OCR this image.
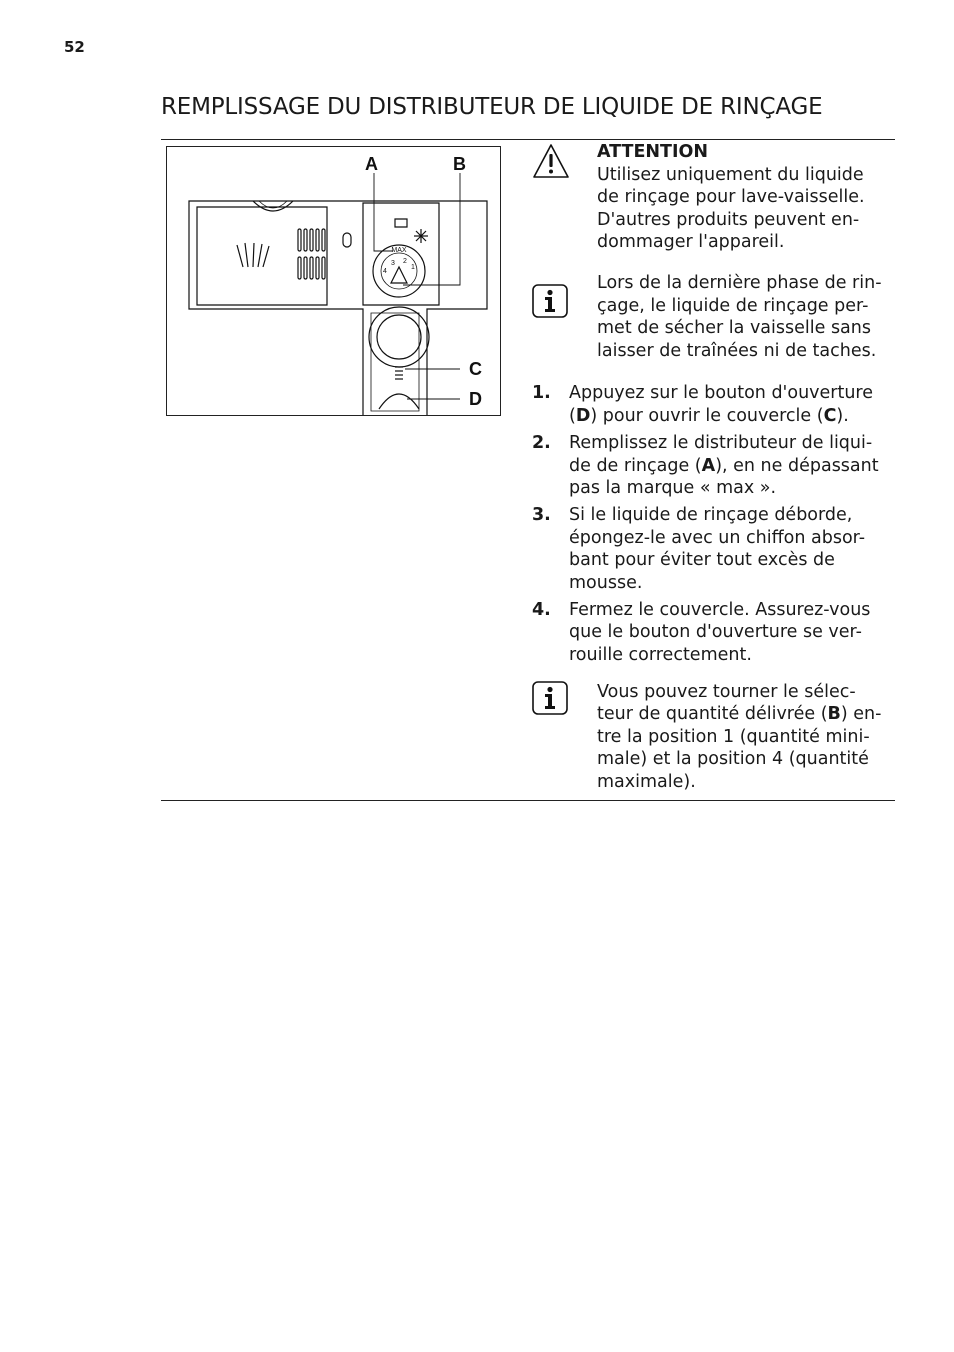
52
REMPLISSAGE DU DISTRIBUTEUR DE LIQUIDE DE RINÇAGE
MAX
4
3 2
1
A	B
C
D
ATTENTION
Utilisez uniquement du liquide de rinçage pour lave-vaisselle. D'autres produits peuvent en-dommager l'appareil.
Lors de la dernière phase de rin-çage, le liquide de rinçage per-met de sécher la vaisselle sans laisser de traînées ni de taches.
1. Appuyez sur le bouton d'ouverture (D) pour ouvrir le couvercle (C).
2. Remplissez le distributeur de liqui-de de rinçage (A), en ne dépassant pas la marque « max ».
3. Si le liquide de rinçage déborde, épongez-le avec un chiffon absor-bant pour éviter tout excès de mousse.
4. Fermez le couvercle. Assurez-vous que le bouton d'ouverture se ver-rouille correctement.
Vous pouvez tourner le sélec-teur de quantité délivrée (B) en-tre la position 1 (quantité mini-male) et la position 4 (quantité maximale).
